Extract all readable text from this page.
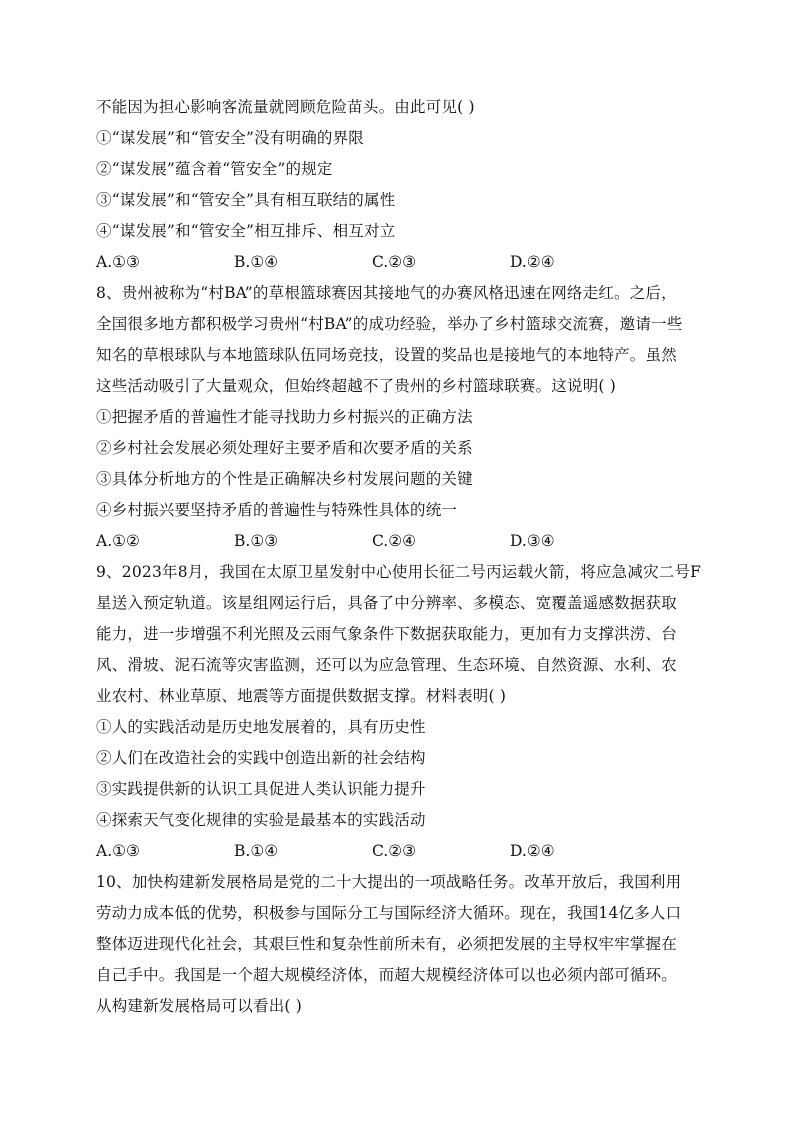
不能因为担心影响客流量就罔顾危险苗头。由此可见( )
①“谋发展”和“管安全”没有明确的界限
②“谋发展”蕴含着“管安全”的规定
③“谋发展”和“管安全”具有相互联结的属性
④“谋发展”和“管安全”相互排斥、相互对立
A.①③	B.①④	C.②③	D.②④
8、贵州被称为“村BA”的草根篮球赛因其接地气的办赛风格迅速在网络走红。之后，
全国很多地方都积极学习贵州“村BA”的成功经验，举办了乡村篮球交流赛，邀请一些
知名的草根球队与本地篮球队伍同场竞技，设置的奖品也是接地气的本地特产。虽然
这些活动吸引了大量观众，但始终超越不了贵州的乡村篮球联赛。这说明( )
①把握矛盾的普遍性才能寻找助力乡村振兴的正确方法
②乡村社会发展必须处理好主要矛盾和次要矛盾的关系
③具体分析地方的个性是正确解决乡村发展问题的关键
④乡村振兴要坚持矛盾的普遍性与特殊性具体的统一
A.①②	B.①③	C.②④	D.③④
9、2023年8月，我国在太原卫星发射中心使用长征二号丙运载火箭，将应急减灾二号F
星送入预定轨道。该星组网运行后，具备了中分辨率、多模态、宽覆盖遥感数据获取
能力，进一步增强不利光照及云雨气象条件下数据获取能力，更加有力支撑洪涝、台
风、滑坡、泥石流等灾害监测，还可以为应急管理、生态环境、自然资源、水利、农
业农村、林业草原、地震等方面提供数据支撑。材料表明( )
①人的实践活动是历史地发展着的，具有历史性
②人们在改造社会的实践中创造出新的社会结构
③实践提供新的认识工具促进人类认识能力提升
④探索天气变化规律的实验是最基本的实践活动
A.①③	B.①④	C.②③	D.②④
10、加快构建新发展格局是党的二十大提出的一项战略任务。改革开放后，我国利用
劳动力成本低的优势，积极参与国际分工与国际经济大循环。现在，我国14亿多人口
整体迈进现代化社会，其艰巨性和复杂性前所未有，必须把发展的主导权牢牢掌握在
自己手中。我国是一个超大规模经济体，而超大规模经济体可以也必须内部可循环。
从构建新发展格局可以看出( )
